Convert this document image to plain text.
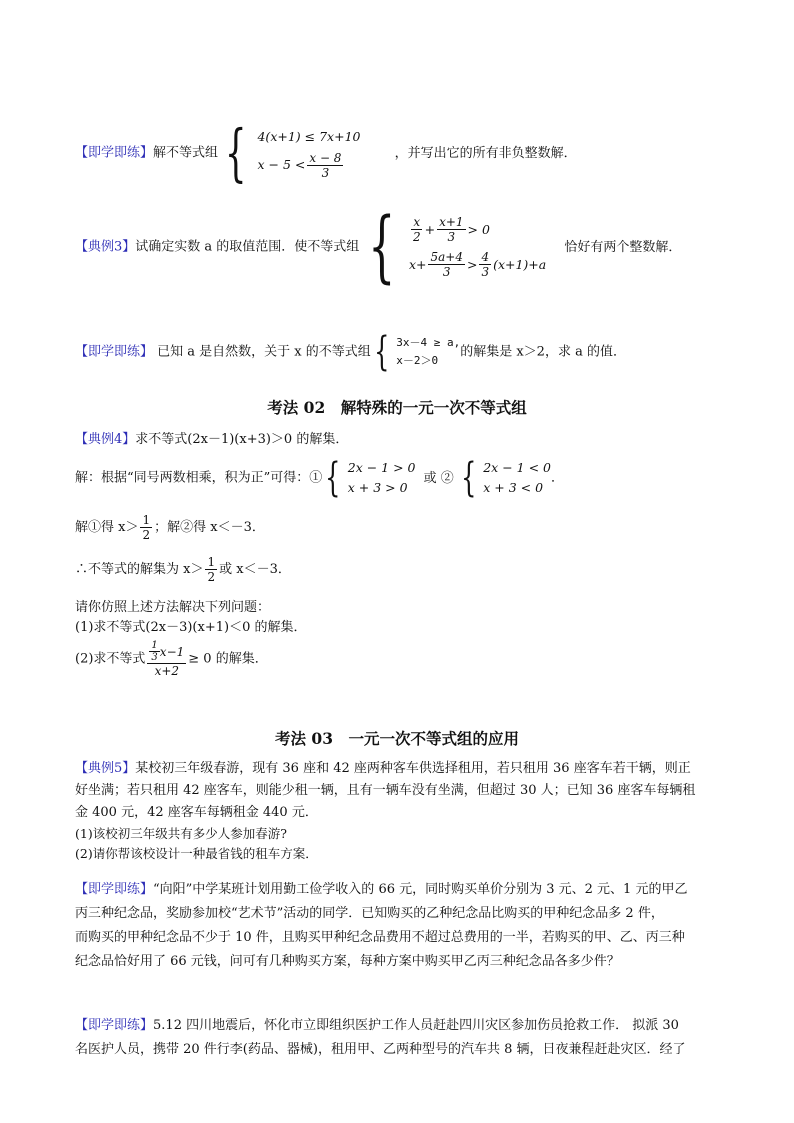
【即学即练】解不等式组 { 4(x+1) ≤ 7x+10
$x - 5 < \frac{x - 8}{3}$	，并写出它的所有非负整数解．
【典例3】试确定实数 a 的取值范围．使不等式组 { $\frac{x}{2} + \frac{x+1}{3} > 0$
$x+ \frac{5a+4}{3} > \frac{4}{3} (x+1)+a$
恰好有两个整数解．
【即学即练】 已知 a 是自然数，关于 x 的不等式组 { 3x－4 ≥ a,
x－2＞0
的解集是 x＞2，求 a 的值．
考法 02　解特殊的一元一次不等式组
【典例4】求不等式(2x－1)(x+3)＞0 的解集．
解：根据“同号两数相乘，积为正”可得：① { 2x − 1 > 0
x + 3 > 0
或 ② { 2x − 1 < 0
x + 3 < 0
．
解①得 $x> \frac{1}{2}$ ；解②得 x＜－3．
∴不等式的解集为 $x> \frac{1}{2}$ 或 x＜－3．
请你仿照上述方法解决下列问题：
(1)求不等式(2x－3)(x+1)＜0 的解集．
(2)求不等式 $\frac{\frac{1}{3} x-1}{x+2} \ge 0$ 的解集．
考法 03　一元一次不等式组的应用
【典例5】某校初三年级春游，现有 36 座和 42 座两种客车供选择租用，若只租用 36 座客车若干辆，则正
好坐满；若只租用 42 座客车，则能少租一辆，且有一辆车没有坐满，但超过 30 人；已知 36 座客车每辆租
金 400 元，42 座客车每辆租金 440 元．
(1)该校初三年级共有多少人参加春游?
(2)请你帮该校设计一种最省钱的租车方案．
【即学即练】“向阳”中学某班计划用勤工俭学收入的 66 元，同时购买单价分别为 3 元、2 元、1 元的甲乙
丙三种纪念品，奖励参加校“艺术节”活动的同学．已知购买的乙种纪念品比购买的甲种纪念品多 2 件，
而购买的甲种纪念品不少于 10 件，且购买甲种纪念品费用不超过总费用的一半，若购买的甲、乙、丙三种
纪念品恰好用了 66 元钱，问可有几种购买方案，每种方案中购买甲乙丙三种纪念品各多少件？
【即学即练】5.12 四川地震后，怀化市立即组织医护工作人员赶赴四川灾区参加伤员抢救工作． 拟派 30
名医护人员，携带 20 件行李(药品、器械)，租用甲、乙两种型号的汽车共 8 辆，日夜兼程赶赴灾区．经了
